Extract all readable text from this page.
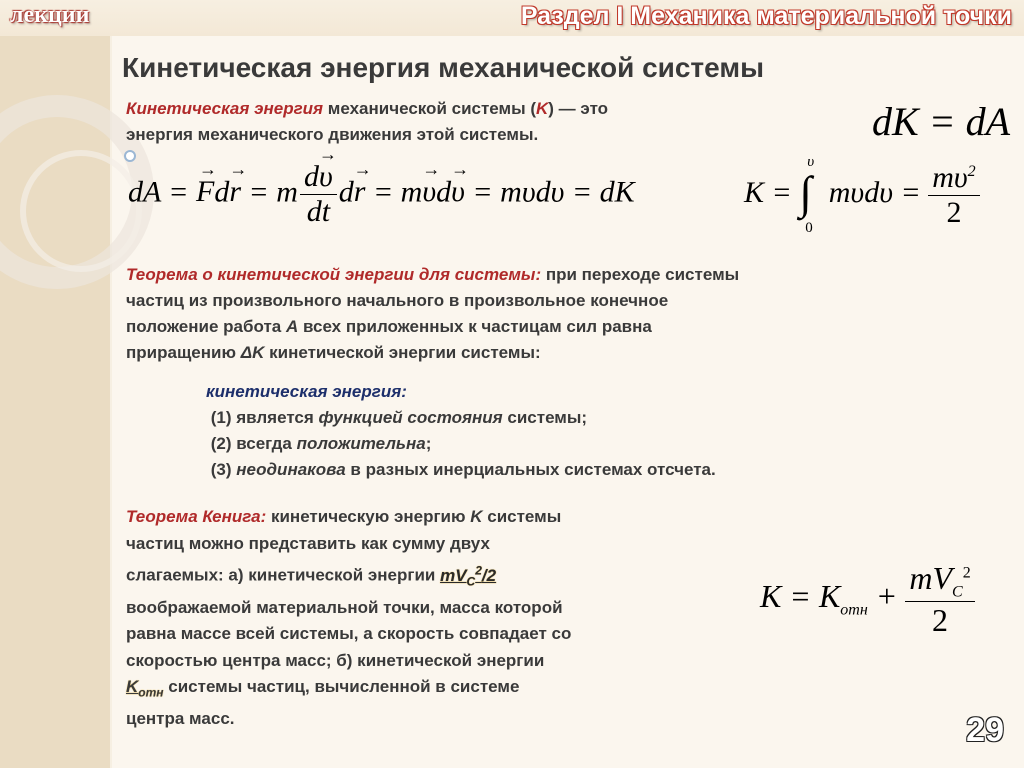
лекции	Раздел I Механика материальной точки
Кинетическая энергия механической системы
Кинетическая энергия механической системы (K) — это
энергия механического движения этой системы.	dK = dA
dA = F
→
dr
→
= m dυ
→
dt dr
→
= mυ
→
dυ
→
= mυdυ = dK	K = ∫
υ
0
$m\upsilon d\upsilon = \frac{m\upsilon^2}{2}$
Теорема о кинетической энергии для системы: при переходе системы
частиц из произвольного начального в произвольное конечное
положение работа A всех приложенных к частицам сил равна
приращению ΔK кинетической энергии системы:
кинетическая энергия:
(1) является функцией состояния системы;
(2) всегда положительна;
(3) неодинакова в разных инерциальных системах отсчета.
Теорема Кенига: кинетическую энергию K системы
частиц можно представить как сумму двух
слагаемых: а) кинетической энергии $mV_C^2/2$
воображаемой материальной точки, масса которой
равна массе всей системы, а скорость совпадает со
скоростью центра масс; б) кинетической энергии
$K_{отн}$ системы частиц, вычисленной в системе
центра масс.
$K = K_{отн} + \frac{mV_C^2}{2}$
29
